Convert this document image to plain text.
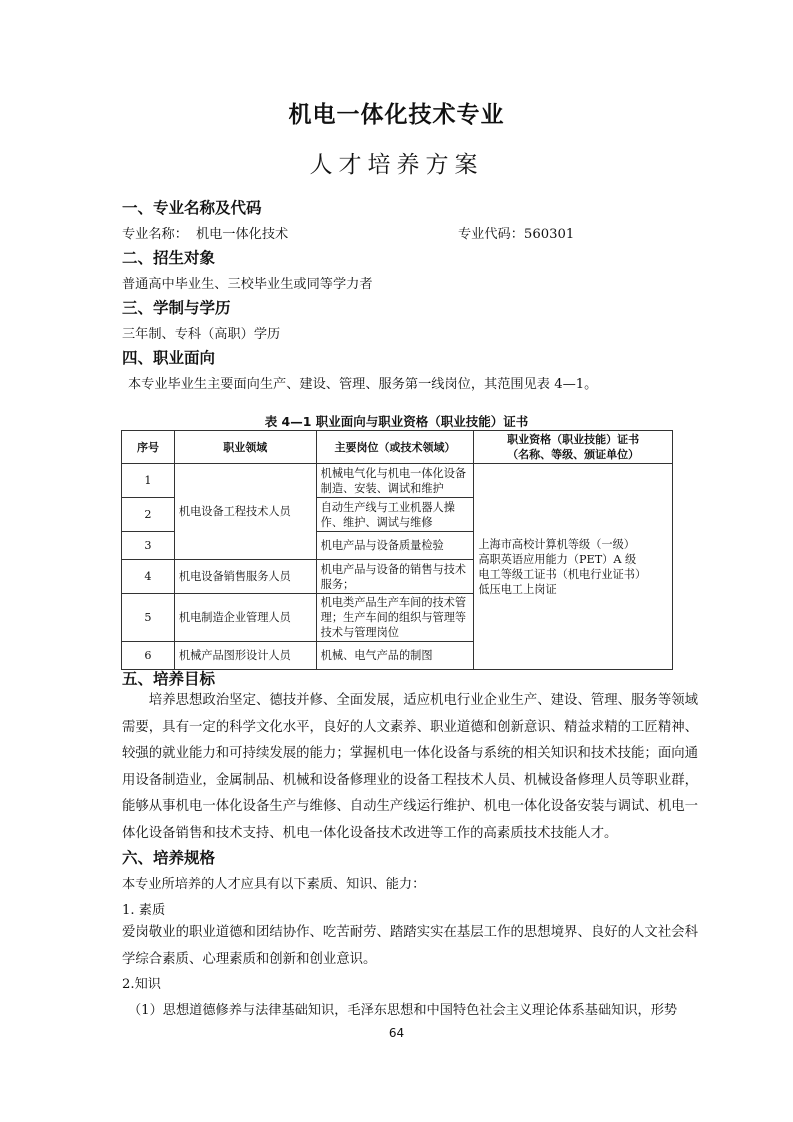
机电一体化技术专业
人才培养方案
一、专业名称及代码
专业名称： 机电一体化技术	专业代码：560301
二、招生对象
普通高中毕业生、三校毕业生或同等学力者
三、学制与学历
三年制、专科（高职）学历
四、职业面向
本专业毕业生主要面向生产、建设、管理、服务第一线岗位，其范围见表 4—1。
表 4—1 职业面向与职业资格（职业技能）证书
序号	职业领域	主要岗位（或技术领域）	职业资格（职业技能）证书
（名称、等级、颁证单位）

1	机电设备工程技术人员	机械电气化与机电一体化设备制造、安装、调试和维护	上海市高校计算机等级（一级）
高职英语应用能力（PET）A 级
电工等级工证书（机电行业证书）
低压电工上岗证

2		自动生产线与工业机器人操作、维护、调试与维修	
3		机电产品与设备质量检验	
4	机电设备销售服务人员	机电产品与设备的销售与技术服务；	
5	机电制造企业管理人员	机电类产品生产车间的技术管理；生产车间的组织与管理等技术与管理岗位	
6	机械产品图形设计人员	机械、电气产品的制图	
五、培养目标
培养思想政治坚定、德技并修、全面发展，适应机电行业企业生产、建设、管理、服务等领域需要，具有一定的科学文化水平，良好的人文素养、职业道德和创新意识、精益求精的工匠精神、较强的就业能力和可持续发展的能力；掌握机电一体化设备与系统的相关知识和技术技能；面向通用设备制造业，金属制品、机械和设备修理业的设备工程技术人员、机械设备修理人员等职业群，能够从事机电一体化设备生产与维修、自动生产线运行维护、机电一体化设备安装与调试、机电一体化设备销售和技术支持、机电一体化设备技术改进等工作的高素质技术技能人才。
六、培养规格
本专业所培养的人才应具有以下素质、知识、能力：
1. 素质
爱岗敬业的职业道德和团结协作、吃苦耐劳、踏踏实实在基层工作的思想境界、良好的人文社会科学综合素质、心理素质和创新和创业意识。
2.知识
（1）思想道德修养与法律基础知识，毛泽东思想和中国特色社会主义理论体系基础知识，形势
64
